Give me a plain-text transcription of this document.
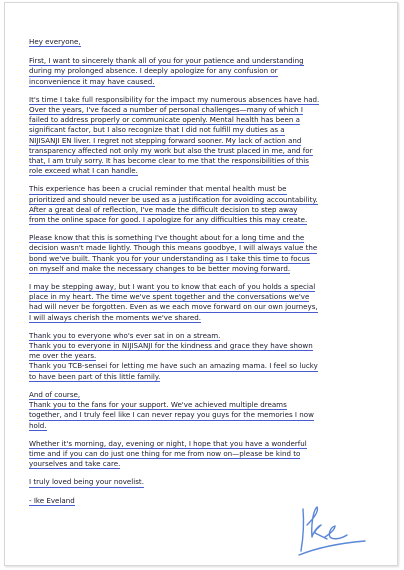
Hey everyone,

First, I want to sincerely thank all of you for your patience and understanding
during my prolonged absence. I deeply apologize for any confusion or
inconvenience it may have caused.

It's time I take full responsibility for the impact my numerous absences have had.
Over the years, I've faced a number of personal challenges—many of which I
failed to address properly or communicate openly. Mental health has been a
significant factor, but I also recognize that I did not fulfill my duties as a
NIJISANJI EN liver. I regret not stepping forward sooner. My lack of action and
transparency affected not only my work but also the trust placed in me, and for
that, I am truly sorry. It has become clear to me that the responsibilities of this
role exceed what I can handle.

This experience has been a crucial reminder that mental health must be
prioritized and should never be used as a justification for avoiding accountability.
After a great deal of reflection, I've made the difficult decision to step away
from the online space for good. I apologize for any difficulties this may create.

Please know that this is something I've thought about for a long time and the
decision wasn't made lightly. Though this means goodbye, I will always value the
bond we've built. Thank you for your understanding as I take this time to focus
on myself and make the necessary changes to be better moving forward.

I may be stepping away, but I want you to know that each of you holds a special
place in my heart. The time we've spent together and the conversations we've
had will never be forgotten. Even as we each move forward on our own journeys,
I will always cherish the moments we've shared.

Thank you to everyone who's ever sat in on a stream.
Thank you to everyone in NIJISANJI for the kindness and grace they have shown
me over the years.
Thank you TCB-sensei for letting me have such an amazing mama. I feel so lucky
to have been part of this little family.

And of course,
Thank you to the fans for your support. We've achieved multiple dreams
together, and I truly feel like I can never repay you guys for the memories I now
hold.

Whether it's morning, day, evening or night, I hope that you have a wonderful
time and if you can do just one thing for me from now on—please be kind to
yourselves and take care.

I truly loved being your novelist.

- Ike Eveland
